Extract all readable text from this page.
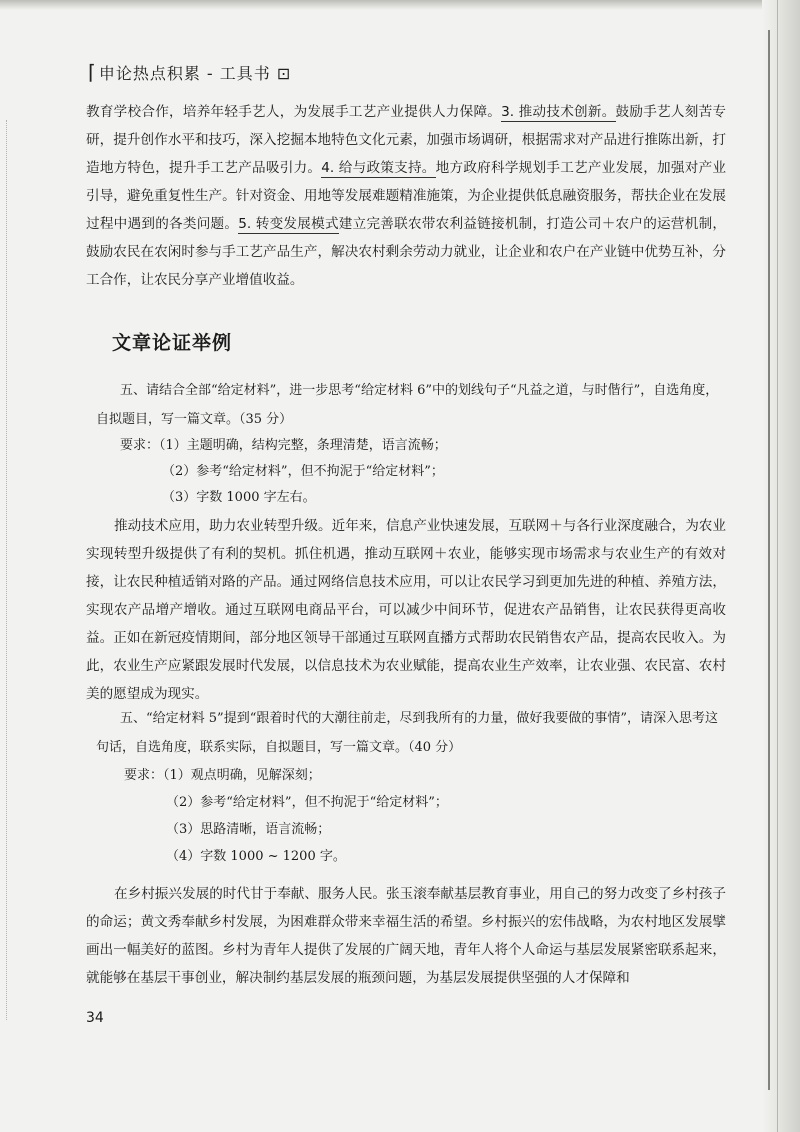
⌈ 申论热点积累 - 工具书 ⊡

教育学校合作，培养年轻手艺人，为发展手工艺产业提供人力保障。3. 推动技术创新。鼓励手艺人刻苦专研，提升创作水平和技巧，深入挖掘本地特色文化元素，加强市场调研，根据需求对产品进行推陈出新，打造地方特色，提升手工艺产品吸引力。4. 给与政策支持。地方政府科学规划手工艺产业发展，加强对产业引导，避免重复性生产。针对资金、用地等发展难题精准施策，为企业提供低息融资服务，帮扶企业在发展过程中遇到的各类问题。5. 转变发展模式建立完善联农带农利益链接机制，打造公司＋农户的运营机制，鼓励农民在农闲时参与手工艺产品生产，解决农村剩余劳动力就业，让企业和农户在产业链中优势互补，分工合作，让农民分享产业增值收益。

文章论证举例

五、请结合全部“给定材料”，进一步思考“给定材料 6”中的划线句子“凡益之道，与时偕行”，自选角度，自拟题目，写一篇文章。（35 分）

要求：（1）主题明确，结构完整，条理清楚，语言流畅；

（2）参考“给定材料”，但不拘泥于“给定材料”；

（3）字数 1000 字左右。

推动技术应用，助力农业转型升级。近年来，信息产业快速发展，互联网＋与各行业深度融合，为农业实现转型升级提供了有利的契机。抓住机遇，推动互联网＋农业，能够实现市场需求与农业生产的有效对接，让农民种植适销对路的产品。通过网络信息技术应用，可以让农民学习到更加先进的种植、养殖方法，实现农产品增产增收。通过互联网电商品平台，可以减少中间环节，促进农产品销售，让农民获得更高收益。正如在新冠疫情期间，部分地区领导干部通过互联网直播方式帮助农民销售农产品，提高农民收入。为此，农业生产应紧跟发展时代发展，以信息技术为农业赋能，提高农业生产效率，让农业强、农民富、农村美的愿望成为现实。

五、“给定材料 5”提到“跟着时代的大潮往前走，尽到我所有的力量，做好我要做的事情”，请深入思考这句话，自选角度，联系实际，自拟题目，写一篇文章。（40 分）

要求：（1）观点明确，见解深刻；

（2）参考“给定材料”，但不拘泥于“给定材料”；

（3）思路清晰，语言流畅；

（4）字数 1000 ~ 1200 字。

在乡村振兴发展的时代甘于奉献、服务人民。张玉滚奉献基层教育事业，用自己的努力改变了乡村孩子的命运；黄文秀奉献乡村发展，为困难群众带来幸福生活的希望。乡村振兴的宏伟战略，为农村地区发展擘画出一幅美好的蓝图。乡村为青年人提供了发展的广阔天地，青年人将个人命运与基层发展紧密联系起来，就能够在基层干事创业，解决制约基层发展的瓶颈问题，为基层发展提供坚强的人才保障和

34
